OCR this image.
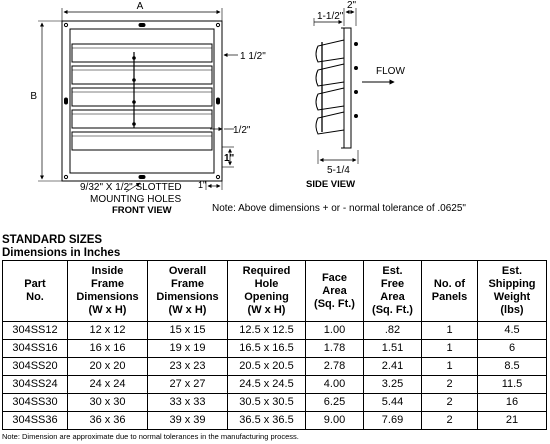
A
B
1 1/2"
1/2"
1"
1"
9/32" X 1/2" SLOTTED
MOUNTING HOLES
FRONT VIEW
2"
1-1/2"
FLOW
5-1/4
SIDE VIEW
Note: Above dimensions + or - normal tolerance of .0625"
STANDARD SIZES
Dimensions in Inches
Part
No.	Inside
Frame
Dimensions
(W x H)	Overall
Frame
Dimensions
(W x H)	Required
Hole
Opening
(W x H)	Face
Area
(Sq. Ft.)	Est.
Free
Area
(Sq. Ft.)	No. of
Panels	Est.
Shipping
Weight
(lbs)
304SS12	12 x 12	15 x 15	12.5 x 12.5	1.00	.82	1	4.5
304SS16	16 x 16	19 x 19	16.5 x 16.5	1.78	1.51	1	6
304SS20	20 x 20	23 x 23	20.5 x 20.5	2.78	2.41	1	8.5
304SS24	24 x 24	27 x 27	24.5 x 24.5	4.00	3.25	2	11.5
304SS30	30 x 30	33 x 33	30.5 x 30.5	6.25	5.44	2	16
304SS36	36 x 36	39 x 39	36.5 x 36.5	9.00	7.69	2	21
Note: Dimension are approximate due to normal tolerances in the manufacturing process.
